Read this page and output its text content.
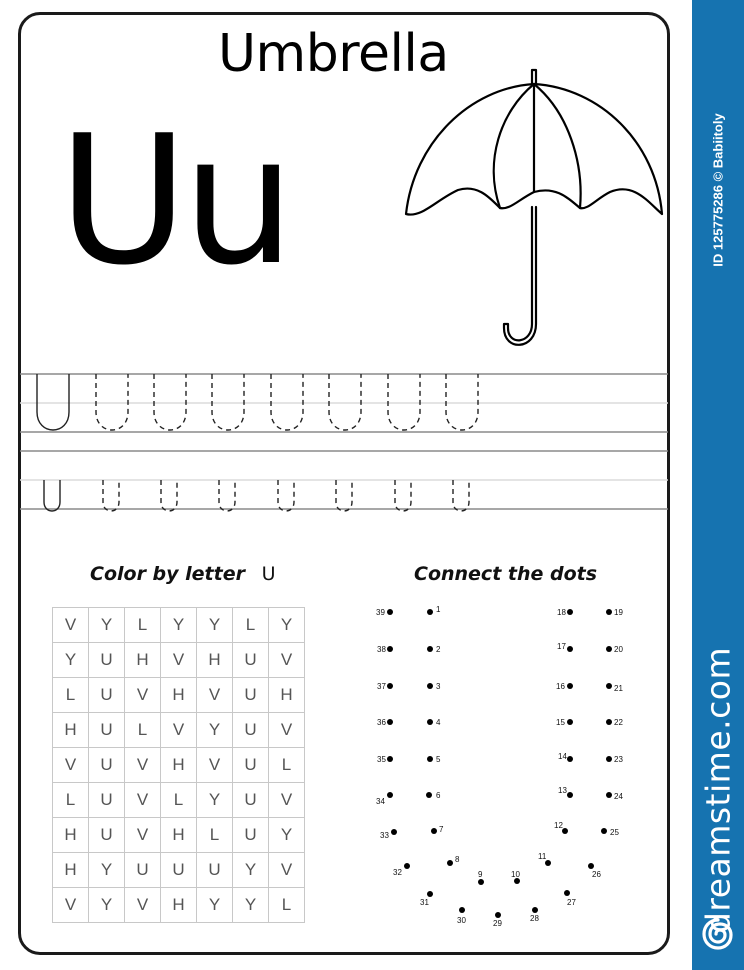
Umbrella
Uu
Color by letter U
V	Y	L	Y	Y	L	Y
Y	U	H	V	H	U	V
L	U	V	H	V	U	H
H	U	L	V	Y	U	V
V	U	V	H	V	U	L
L	U	V	L	Y	U	V
H	U	V	H	L	U	Y
H	Y	U	U	U	Y	V
V	Y	V	H	Y	Y	L
Connect the dots
1
2
3
4
5
6
7
8
9	10
11
12
13
14
15
16
17
18	19
20
21
22
23
24
25
26
27
28
29
30
31
32
33
34
35
36
37
38
39
ID 125775286 © Babiitoly
dreamstime.com
